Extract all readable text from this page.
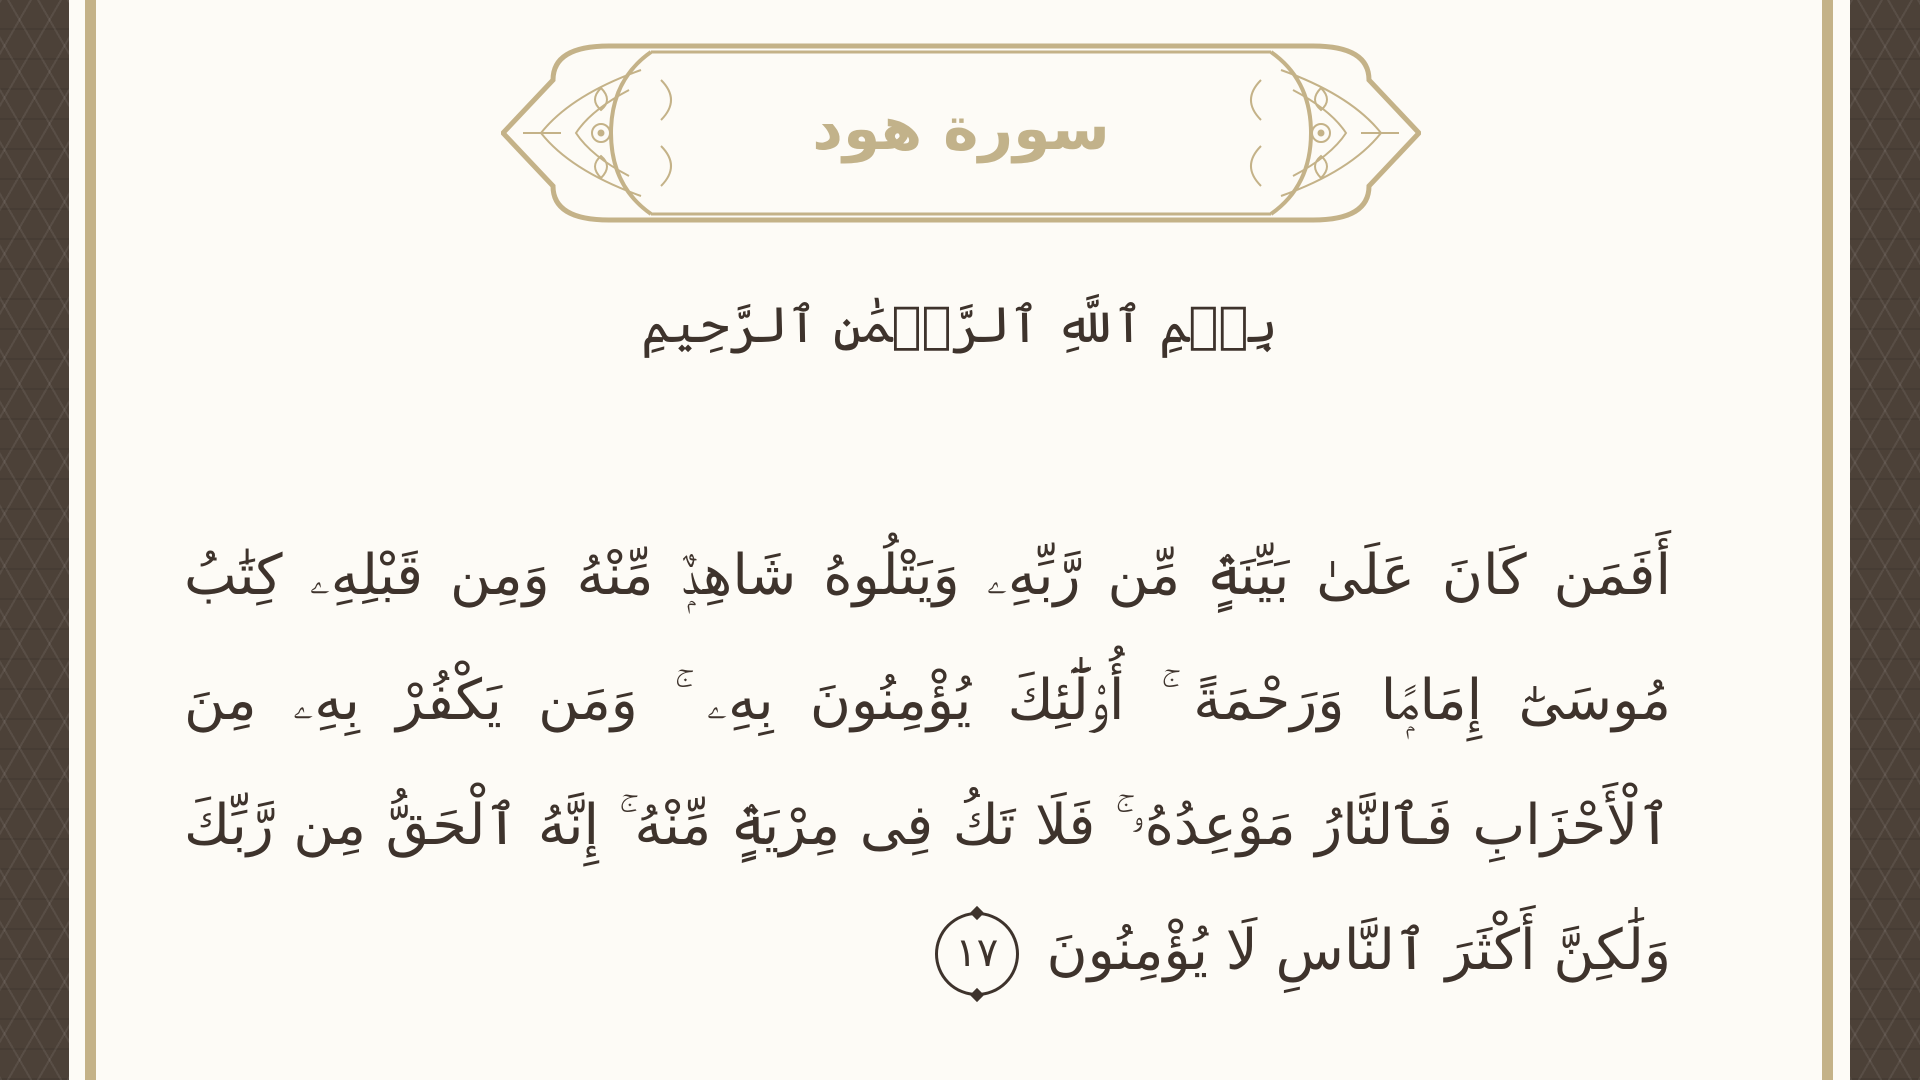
سورة هود
بِسۡمِ ٱللَّهِ ٱلرَّحۡمَٰنِ ٱلرَّحِيمِ
أَفَمَن كَانَ عَلَىٰ بَيِّنَةٍۢ مِّن رَّبِّهِۦ وَيَتْلُوهُ شَاهِدٌۭ مِّنْهُ وَمِن قَبْلِهِۦ كِتَٰبُ مُوسَىٰٓ إِمَامًۭا وَرَحْمَةً ۚ أُو۟لَٰٓئِكَ يُؤْمِنُونَ بِهِۦ ۚ وَمَن يَكْفُرْ بِهِۦ مِنَ ٱلْأَحْزَابِ فَٱلنَّارُ مَوْعِدُهُۥ ۚ فَلَا تَكُ فِى مِرْيَةٍۢ مِّنْهُ ۚ إِنَّهُ ٱلْحَقُّ مِن رَّبِّكَ وَلَٰكِنَّ أَكْثَرَ ٱلنَّاسِ لَا يُؤْمِنُونَ
١٧
